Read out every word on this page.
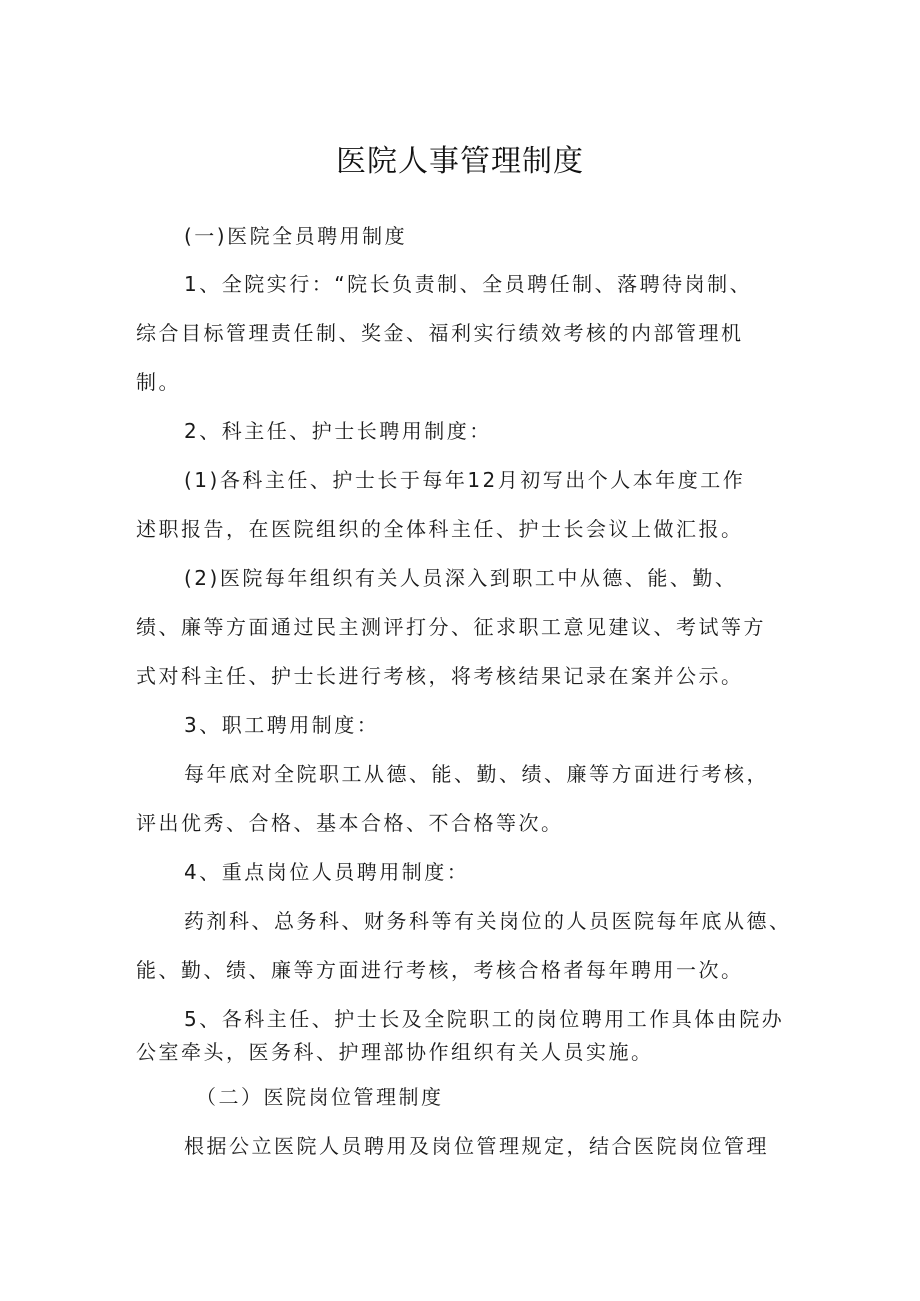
医院人事管理制度
(一)医院全员聘用制度
1、全院实行：“院长负责制、全员聘任制、落聘待岗制、
综合目标管理责任制、奖金、福利实行绩效考核的内部管理机
制。
2、科主任、护士长聘用制度：
(1)各科主任、护士长于每年12月初写出个人本年度工作
述职报告，在医院组织的全体科主任、护士长会议上做汇报。
(2)医院每年组织有关人员深入到职工中从德、能、勤、
绩、廉等方面通过民主测评打分、征求职工意见建议、考试等方
式对科主任、护士长进行考核，将考核结果记录在案并公示。
3、职工聘用制度：
每年底对全院职工从德、能、勤、绩、廉等方面进行考核，
评出优秀、合格、基本合格、不合格等次。
4、重点岗位人员聘用制度：
药剂科、总务科、财务科等有关岗位的人员医院每年底从德、
能、勤、绩、廉等方面进行考核，考核合格者每年聘用一次。
5、各科主任、护士长及全院职工的岗位聘用工作具体由院办
公室牵头，医务科、护理部协作组织有关人员实施。
（二）医院岗位管理制度
根据公立医院人员聘用及岗位管理规定，结合医院岗位管理
